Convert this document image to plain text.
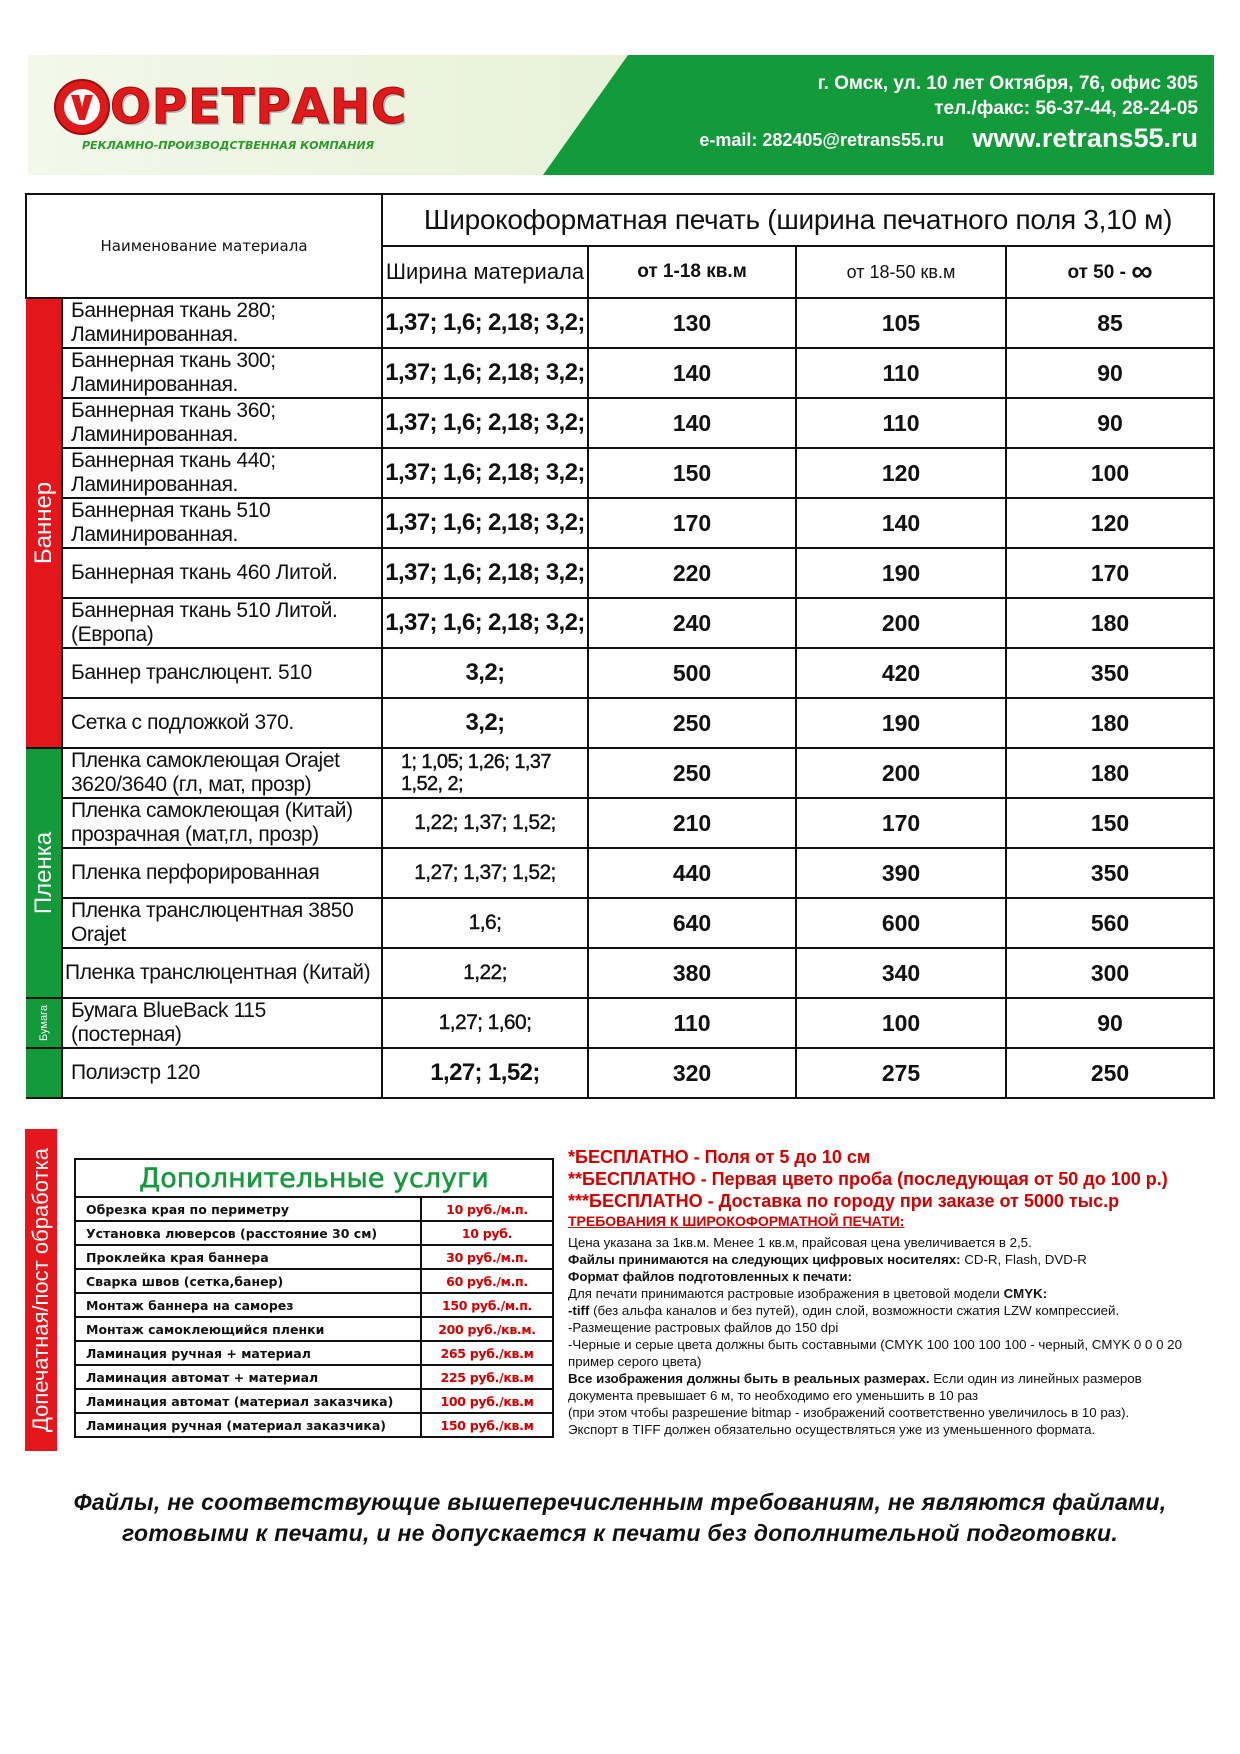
ОРЕТРАНС
РЕКЛАМНО-ПРОИЗВОДСТВЕННАЯ КОМПАНИЯ
г. Омск, ул. 10 лет Октября, 76, офис 305
тел./факс: 56-37-44, 28-24-05
e-mail: 282405@retrans55.ru www.retrans55.ru
Наименование материала		Широкоформатная печать (ширина печатного поля 3,10 м)			
		Ширина материала	от 1-18 кв.м	от 18-50 кв.м	от 50 - ∞

Баннер	Баннерная ткань 280; Ламинированная.	1,37; 1,6; 2,18; 3,2;	130	105	85
	Баннерная ткань 300; Ламинированная.	1,37; 1,6; 2,18; 3,2;	140	110	90
	Баннерная ткань 360; Ламинированная.	1,37; 1,6; 2,18; 3,2;	140	110	90
	Баннерная ткань 440; Ламинированная.	1,37; 1,6; 2,18; 3,2;	150	120	100
	Баннерная ткань 510 Ламинированная.	1,37; 1,6; 2,18; 3,2;	170	140	120
	Баннерная ткань 460 Литой.	1,37; 1,6; 2,18; 3,2;	220	190	170
	Баннерная ткань 510 Литой. (Европа)	1,37; 1,6; 2,18; 3,2;	240	200	180
	Баннер транслюцент. 510	3,2;	500	420	350
	Сетка с подложкой 370.	3,2;	250	190	180

Пленка	Пленка самоклеющая Orajet 3620/3640 (гл, мат, прозр)	1; 1,05; 1,26; 1,37 1,52, 2;	250	200	180
	Пленка самоклеющая (Китай) прозрачная (мат,гл, прозр)	1,22; 1,37; 1,52;	210	170	150
	Пленка перфорированная	1,27; 1,37; 1,52;	440	390	350
	Пленка транслюцентная 3850 Orajet	1,6;	640	600	560
	Пленка транслюцентная (Китай)	1,22;	380	340	300

Бумага	Бумага BlueBack 115 (постерная)	1,27; 1,60;	110	100	90
	Полиэстр 120	1,27; 1,52;	320	275	250
Допечатная/пост обработка	Дополнительные услуги	
Обрезка края по периметру	10 руб./м.п.
Установка люверсов (расстояние 30 см)	10 руб.
Проклейка края баннера	30 руб./м.п.
Сварка швов (сетка,банер)	60 руб./м.п.
Монтаж баннера на саморез	150 руб./м.п.
Монтаж самоклеющийся пленки	200 руб./кв.м.
Ламинация ручная + материал	265 руб./кв.м
Ламинация автомат + материал	225 руб./кв.м
Ламинация автомат (материал заказчика)	100 руб./кв.м
Ламинация ручная (материал заказчика)	150 руб./кв.м
*БЕСПЛАТНО - Поля от 5 до 10 см
**БЕСПЛАТНО - Первая цвето проба (последующая от 50 до 100 р.)
***БЕСПЛАТНО - Доставка по городу при заказе от 5000 тыс.р
ТРЕБОВАНИЯ К ШИРОКОФОРМАТНОЙ ПЕЧАТИ:
Цена указана за 1кв.м. Менее 1 кв.м, прайсовая цена увеличивается в 2,5.
Файлы принимаются на следующих цифровых носителях: CD-R, Flash, DVD-R
Формат файлов подготовленных к печати:
Для печати принимаются растровые изображения в цветовой модели CMYK:
-tiff (без альфа каналов и без путей), один слой, возможности сжатия LZW компрессией.
-Размещение растровых файлов до 150 dpi
-Черные и серые цвета должны быть составными (CMYK 100 100 100 100 - черный, CMYK 0 0 0 20 пример серого цвета)
Все изображения должны быть в реальных размерах. Если один из линейных размеров документа превышает 6 м, то необходимо его уменьшить в 10 раз
(при этом чтобы разрешение bitmap - изображений соответственно увеличилось в 10 раз).
Экспорт в TIFF должен обязательно осуществляться уже из уменьшенного формата.
Файлы, не соответствующие вышеперечисленным требованиям, не являются файлами,
готовыми к печати, и не допускается к печати без дополнительной подготовки.
